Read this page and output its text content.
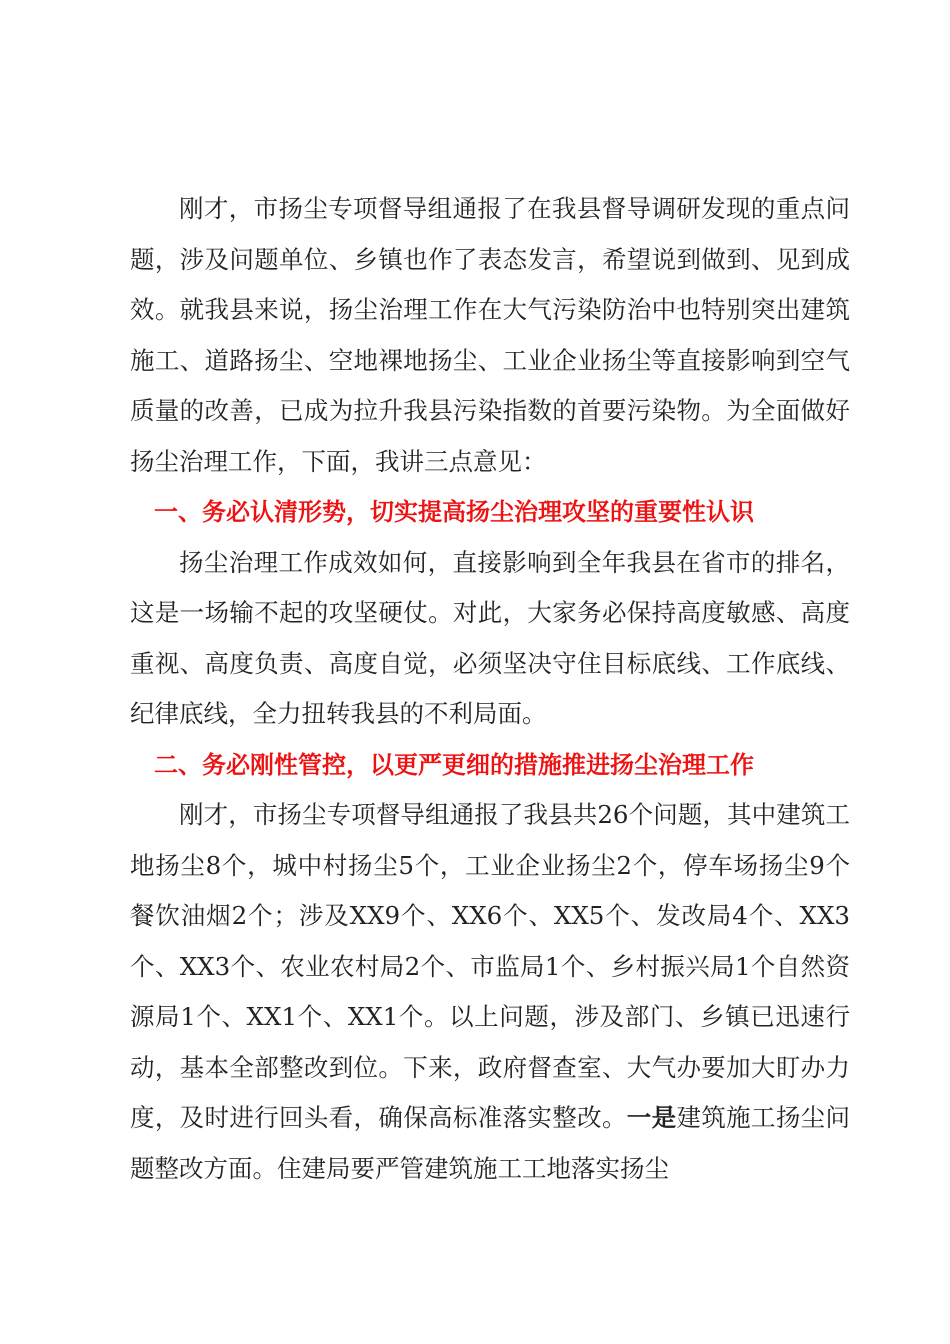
刚才，市扬尘专项督导组通报了在我县督导调研发现的重点问题，涉及问题单位、乡镇也作了表态发言，希望说到做到、见到成效。就我县来说，扬尘治理工作在大气污染防治中也特别突出建筑施工、道路扬尘、空地裸地扬尘、工业企业扬尘等直接影响到空气质量的改善，已成为拉升我县污染指数的首要污染物。为全面做好扬尘治理工作，下面，我讲三点意见：

一、务必认清形势，切实提高扬尘治理攻坚的重要性认识

扬尘治理工作成效如何，直接影响到全年我县在省市的排名，这是一场输不起的攻坚硬仗。对此，大家务必保持高度敏感、高度重视、高度负责、高度自觉，必须坚决守住目标底线、工作底线、纪律底线，全力扭转我县的不利局面。

二、务必刚性管控，以更严更细的措施推进扬尘治理工作

刚才，市扬尘专项督导组通报了我县共26个问题，其中建筑工地扬尘8个，城中村扬尘5个，工业企业扬尘2个，停车场扬尘9个餐饮油烟2个；涉及XX9个、XX6个、XX5个、发改局4个、XX3个、XX3个、农业农村局2个、市监局1个、乡村振兴局1个自然资源局1个、XX1个、XX1个。以上问题，涉及部门、乡镇已迅速行动，基本全部整改到位。下来，政府督查室、大气办要加大盯办力度，及时进行回头看，确保高标准落实整改。一是建筑施工扬尘问题整改方面。住建局要严管建筑施工工地落实扬尘
